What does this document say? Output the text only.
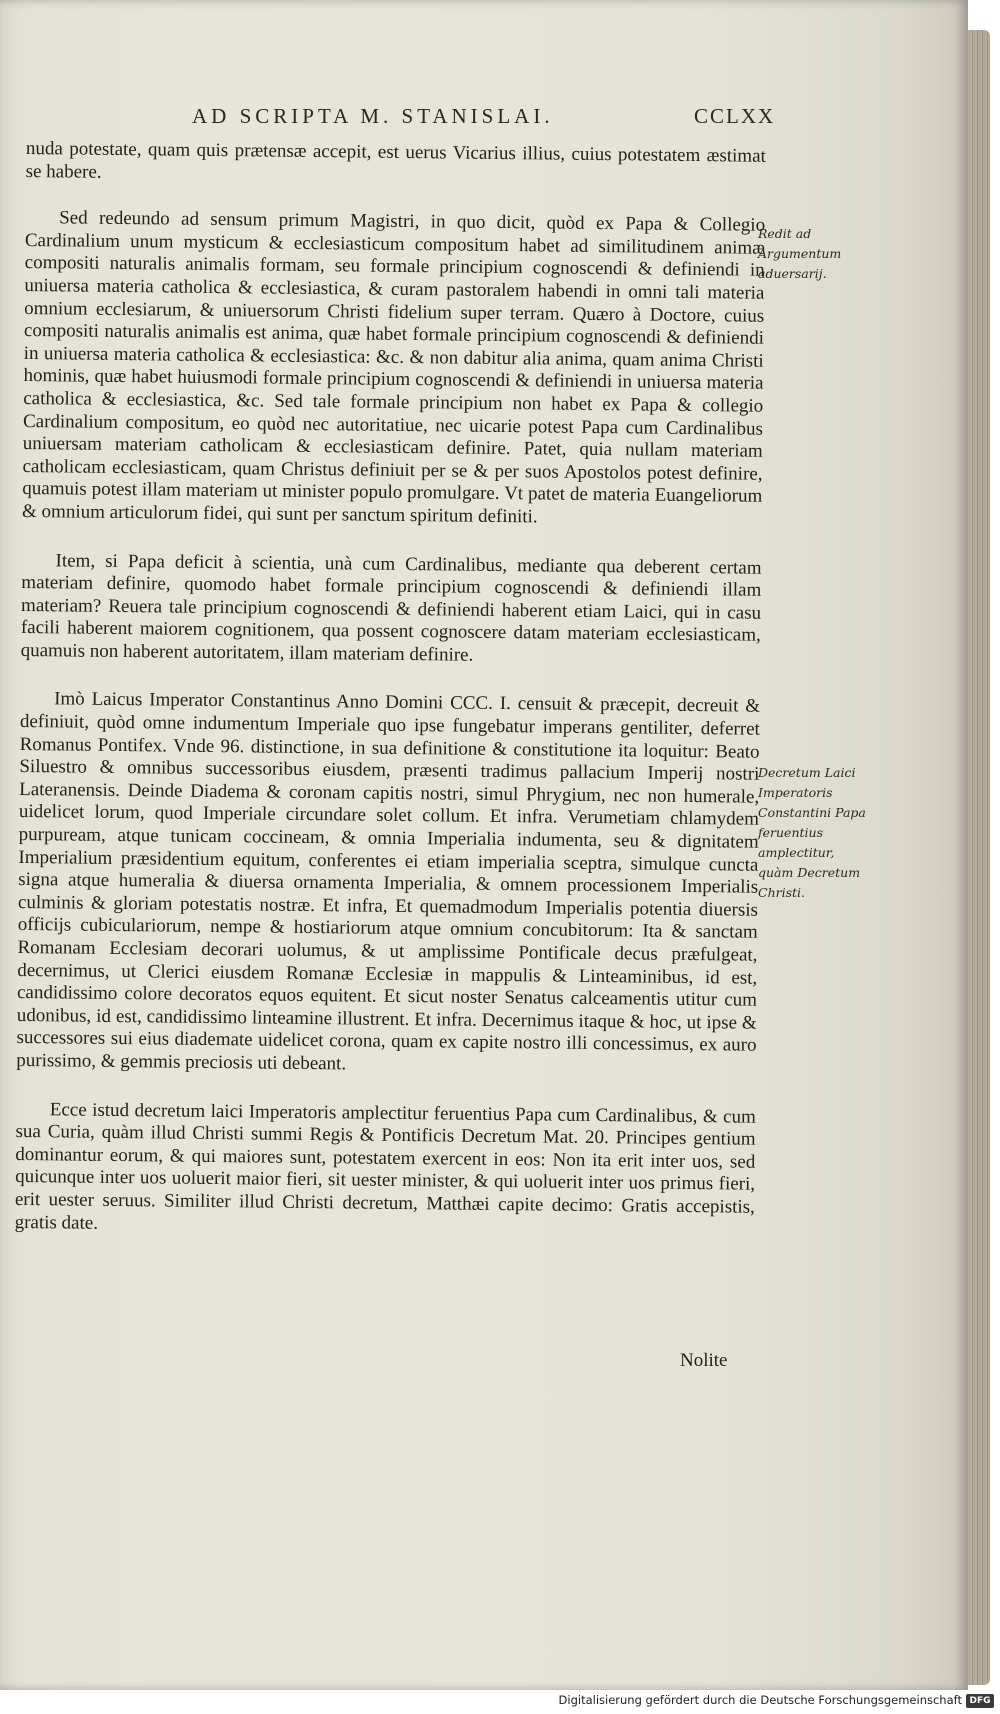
AD SCRIPTA M. STANISLAI.	CCLXX

nuda potestate, quam quis prætensæ accepit, est uerus Vicarius illius, cuius potestatem æstimat se habere.

Sed redeundo ad sensum primum Magistri, in quo dicit, quòd ex Papa & Collegio Cardinalium unum mysticum & ecclesiasticum compositum habet ad similitudinem animæ compositi naturalis animalis formam, seu formale principium cognoscendi & definiendi in uniuersa materia catholica & ecclesiastica, & curam pastoralem habendi in omni tali materia omnium ecclesiarum, & uniuersorum Christi fidelium super terram. Quæro à Doctore, cuius compositi naturalis animalis est anima, quæ habet formale principium cognoscendi & definiendi in uniuersa materia catholica & ecclesiastica: &c. & non dabitur alia anima, quam anima Christi hominis, quæ habet huiusmodi formale principium cognoscendi & definiendi in uniuersa materia catholica & ecclesiastica, &c. Sed tale formale principium non habet ex Papa & collegio Cardinalium compositum, eo quòd nec autoritatiue, nec uicarie potest Papa cum Cardinalibus uniuersam materiam catholicam & ecclesiasticam definire. Patet, quia nullam materiam catholicam ecclesiasticam, quam Christus definiuit per se & per suos Apostolos potest definire, quamuis potest illam materiam ut minister populo promulgare. Vt patet de materia Euangeliorum & omnium articulorum fidei, qui sunt per sanctum spiritum definiti.

Item, si Papa deficit à scientia, unà cum Cardinalibus, mediante qua deberent certam materiam definire, quomodo habet formale principium cognoscendi & definiendi illam materiam? Reuera tale principium cognoscendi & definiendi haberent etiam Laici, qui in casu facili haberent maiorem cognitionem, qua possent cognoscere datam materiam ecclesiasticam, quamuis non haberent autoritatem, illam materiam definire.

Imò Laicus Imperator Constantinus Anno Domini CCC. I. censuit & præcepit, decreuit & definiuit, quòd omne indumentum Imperiale quo ipse fungebatur imperans gentiliter, deferret Romanus Pontifex. Vnde 96. distinctione, in sua definitione & constitutione ita loquitur: Beato Siluestro & omnibus successoribus eiusdem, præsenti tradimus pallacium Imperij nostri Lateranensis. Deinde Diadema & coronam capitis nostri, simul Phrygium, nec non humerale, uidelicet lorum, quod Imperiale circundare solet collum. Et infra. Verumetiam chlamydem purpuream, atque tunicam coccineam, & omnia Imperialia indumenta, seu & dignitatem Imperialium præsidentium equitum, conferentes ei etiam imperialia sceptra, simulque cuncta signa atque humeralia & diuersa ornamenta Imperialia, & omnem processionem Imperialis culminis & gloriam potestatis nostræ. Et infra, Et quemadmodum Imperialis potentia diuersis officijs cubiculariorum, nempe & hostiariorum atque omnium concubitorum: Ita & sanctam Romanam Ecclesiam decorari uolumus, & ut amplissime Pontificale decus præfulgeat, decernimus, ut Clerici eiusdem Romanæ Ecclesiæ in mappulis & Linteaminibus, id est, candidissimo colore decoratos equos equitent. Et sicut noster Senatus calceamentis utitur cum udonibus, id est, candidissimo linteamine illustrent. Et infra. Decernimus itaque & hoc, ut ipse & successores sui eius diadematе uidelicet corona, quam ex capite nostro illi concessimus, ex auro purissimo, & gemmis preciosis uti debeant.

Ecce istud decretum laici Imperatoris amplectitur feruentius Papa cum Cardinalibus, & cum sua Curia, quàm illud Christi summi Regis & Pontificis Decretum Mat. 20. Principes gentium dominantur eorum, & qui maiores sunt, potestatem exercent in eos: Non ita erit inter uos, sed quicunque inter uos uoluerit maior fieri, sit uester minister, & qui uoluerit inter uos primus fieri, erit uester seruus. Similiter illud Christi decretum, Matthæi capite decimo: Gratis accepistis, gratis date.

Nolite
Redit ad Argumentum aduersarij.
Decretum Laici Imperatoris Constantini Papa feruentius amplectitur, quàm Decretum Christi.
Digitalisierung gefördert durch die Deutsche Forschungsgemeinschaft DFG
